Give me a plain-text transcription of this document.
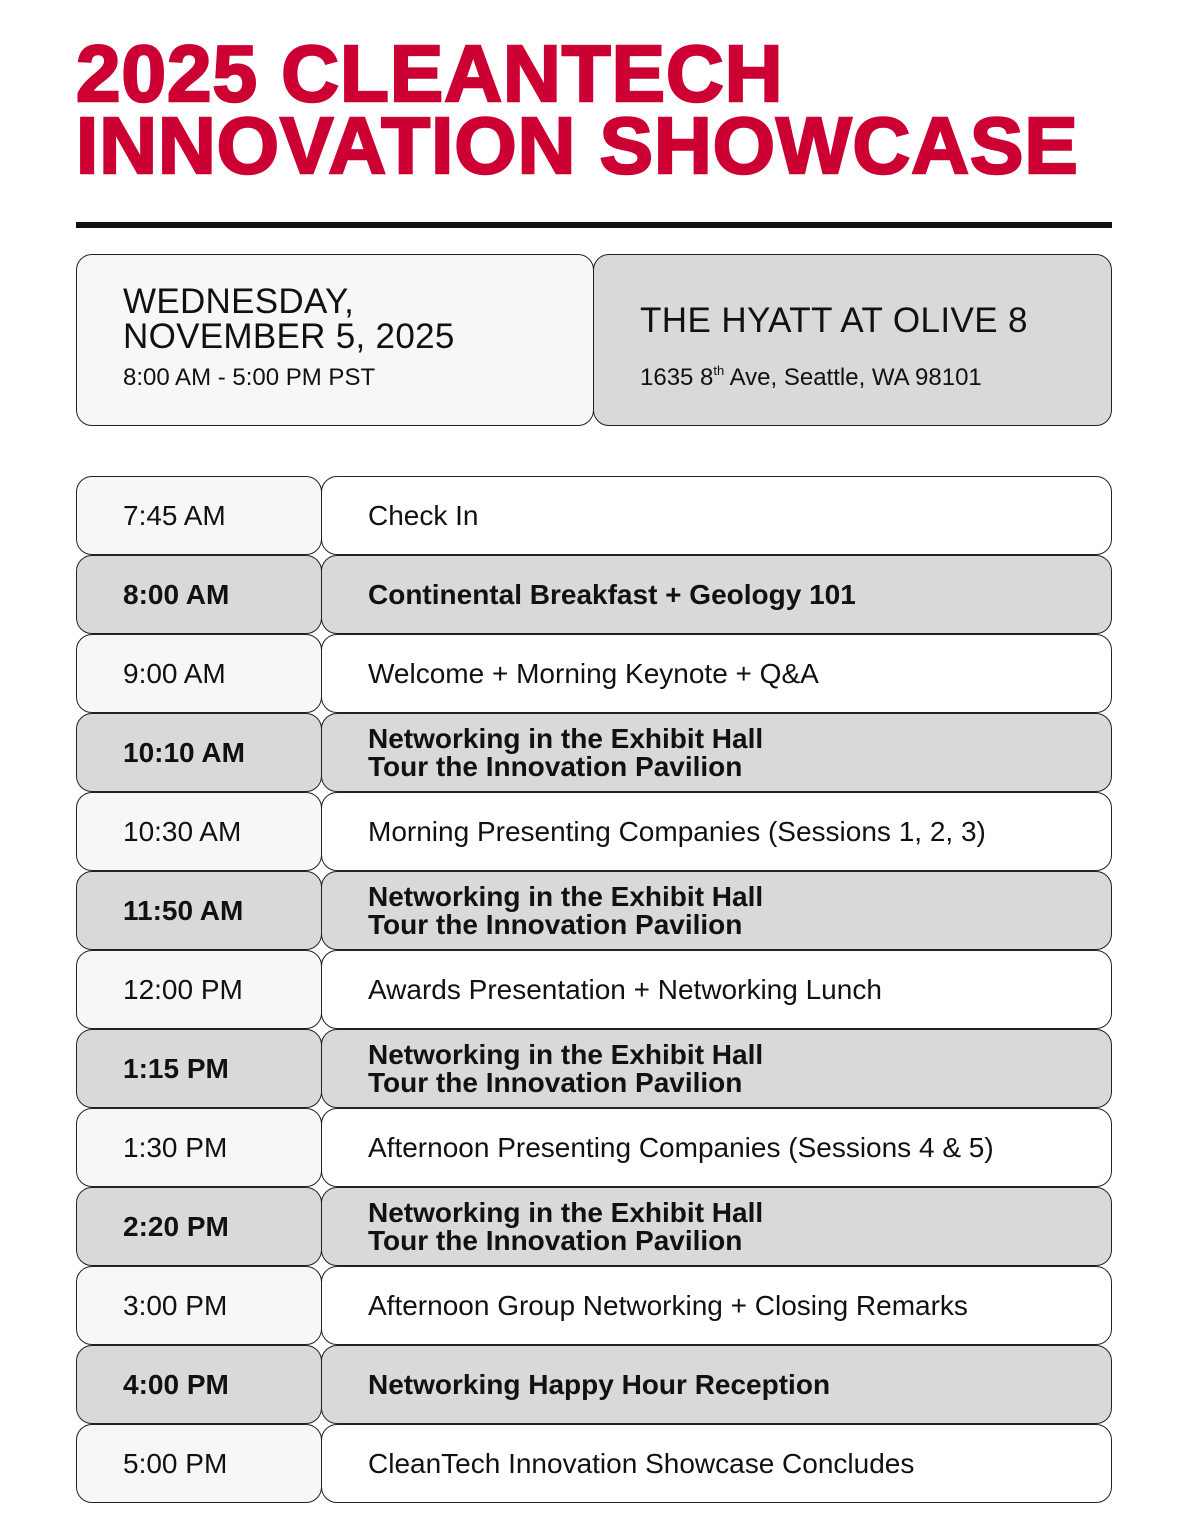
2025 CLEANTECH
INNOVATION SHOWCASE
WEDNESDAY,
NOVEMBER 5, 2025
8:00 AM - 5:00 PM PST
THE HYATT AT OLIVE 8
1635 8th Ave, Seattle, WA 98101
7:45 AM	Check In
8:00 AM	Continental Breakfast + Geology 101
9:00 AM	Welcome + Morning Keynote + Q&A
10:10 AM	Networking in the Exhibit Hall
Tour the Innovation Pavilion
10:30 AM	Morning Presenting Companies (Sessions 1, 2, 3)
11:50 AM	Networking in the Exhibit Hall
Tour the Innovation Pavilion
12:00 PM	Awards Presentation + Networking Lunch
1:15 PM	Networking in the Exhibit Hall
Tour the Innovation Pavilion
1:30 PM	Afternoon Presenting Companies (Sessions 4 & 5)
2:20 PM	Networking in the Exhibit Hall
Tour the Innovation Pavilion
3:00 PM	Afternoon Group Networking + Closing Remarks
4:00 PM	Networking Happy Hour Reception
5:00 PM	CleanTech Innovation Showcase Concludes
